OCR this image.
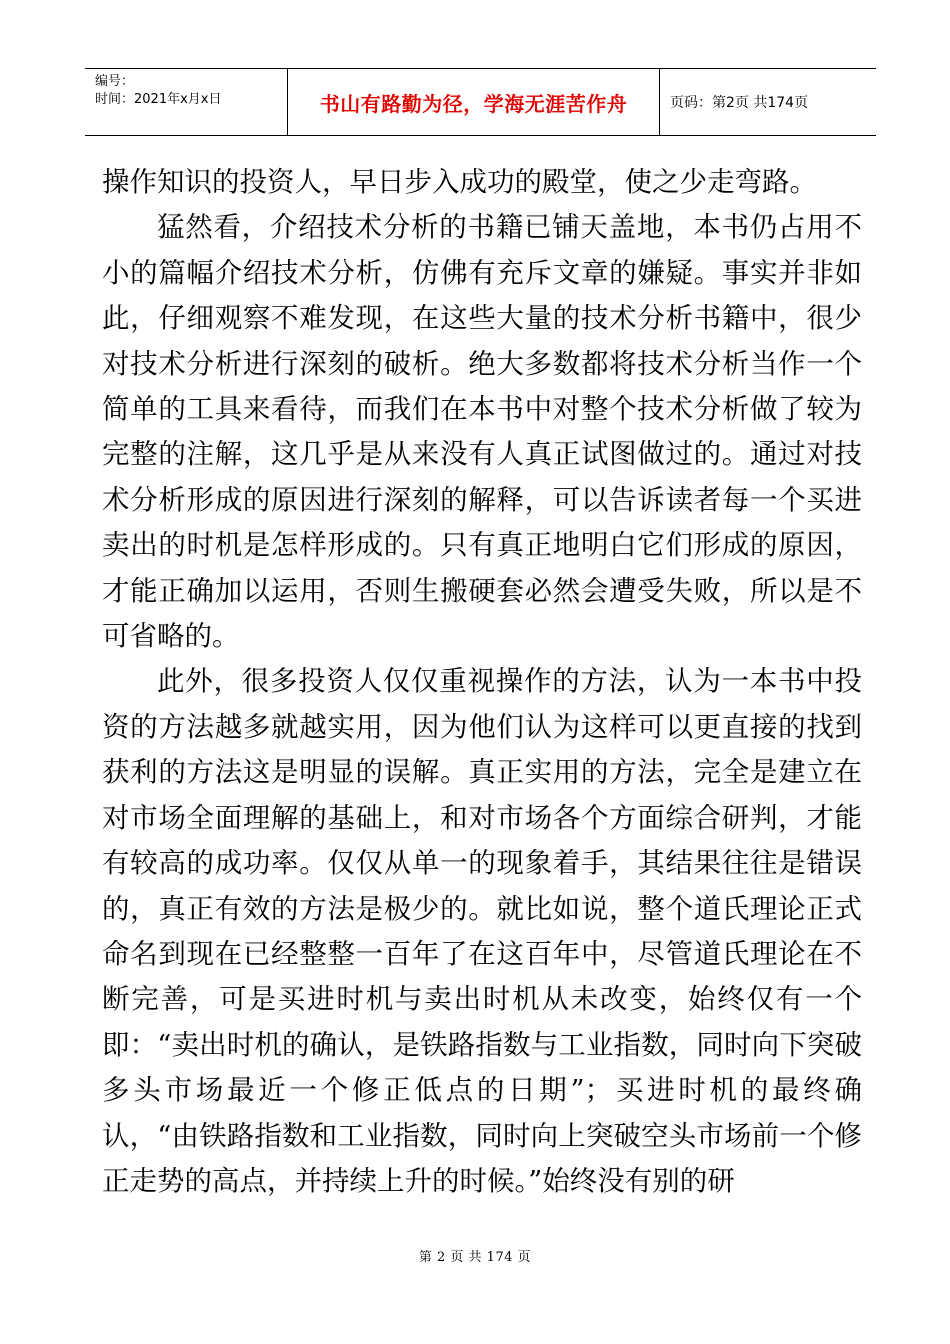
编号：
时间：2021年x月x日	书山有路勤为径，学海无涯苦作舟	页码：第2页 共174页

操作知识的投资人，早日步入成功的殿堂，使之少走弯路。

猛然看，介绍技术分析的书籍已铺天盖地，本书仍占用不小的篇幅介绍技术分析，仿佛有充斥文章的嫌疑。事实并非如此，仔细观察不难发现，在这些大量的技术分析书籍中，很少对技术分析进行深刻的破析。绝大多数都将技术分析当作一个简单的工具来看待，而我们在本书中对整个技术分析做了较为完整的注解，这几乎是从来没有人真正试图做过的。通过对技术分析形成的原因进行深刻的解释，可以告诉读者每一个买进卖出的时机是怎样形成的。只有真正地明白它们形成的原因，才能正确加以运用，否则生搬硬套必然会遭受失败，所以是不可省略的。

此外，很多投资人仅仅重视操作的方法，认为一本书中投资的方法越多就越实用，因为他们认为这样可以更直接的找到获利的方法这是明显的误解。真正实用的方法，完全是建立在对市场全面理解的基础上，和对市场各个方面综合研判，才能有较高的成功率。仅仅从单一的现象着手，其结果往往是错误的，真正有效的方法是极少的。就比如说，整个道氏理论正式命名到现在已经整整一百年了在这百年中，尽管道氏理论在不断完善，可是买进时机与卖出时机从未改变，始终仅有一个即：“卖出时机的确认，是铁路指数与工业指数，同时向下突破多头市场最近一个修正低点的日期”；买进时机的最终确认，“由铁路指数和工业指数，同时向上突破空头市场前一个修正走势的高点，并持续上升的时候。”始终没有别的研

第 2 页 共 174 页
